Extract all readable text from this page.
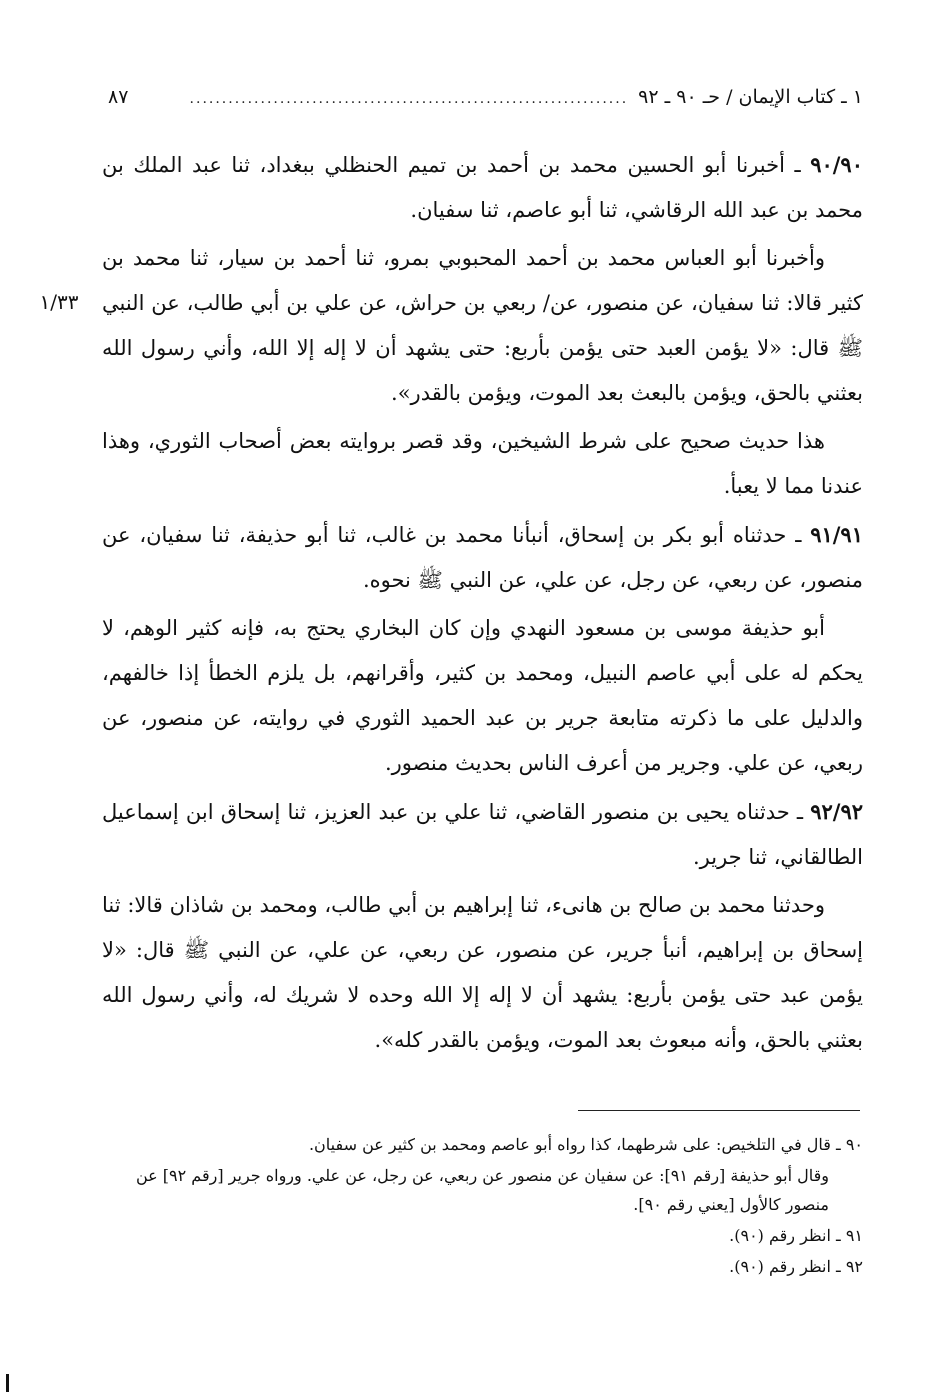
١ ـ كتاب الإيمان / حـ ٩٠ ـ ٩٢
....................................................................
٨٧
١/٣٣

٩٠/٩٠ ـ أخبرنا أبو الحسين محمد بن أحمد بن تميم الحنظلي ببغداد، ثنا عبد الملك بن محمد بن عبد الله الرقاشي، ثنا أبو عاصم، ثنا سفيان.

وأخبرنا أبو العباس محمد بن أحمد المحبوبي بمرو، ثنا أحمد بن سيار، ثنا محمد بن كثير قالا: ثنا سفيان، عن منصور، عن/ ربعي بن حراش، عن علي بن أبي طالب، عن النبي ﷺ قال: «لا يؤمن العبد حتى يؤمن بأربع: حتى يشهد أن لا إله إلا الله، وأني رسول الله بعثني بالحق، ويؤمن بالبعث بعد الموت، ويؤمن بالقدر».

هذا حديث صحيح على شرط الشيخين، وقد قصر بروايته بعض أصحاب الثوري، وهذا عندنا مما لا يعبأ.

٩١/٩١ ـ حدثناه أبو بكر بن إسحاق، أنبأنا محمد بن غالب، ثنا أبو حذيفة، ثنا سفيان، عن منصور، عن ربعي، عن رجل، عن علي، عن النبي ﷺ نحوه.

أبو حذيفة موسى بن مسعود النهدي وإن كان البخاري يحتج به، فإنه كثير الوهم، لا يحكم له على أبي عاصم النبيل، ومحمد بن كثير، وأقرانهم، بل يلزم الخطأ إذا خالفهم، والدليل على ما ذكرته متابعة جرير بن عبد الحميد الثوري في روايته، عن منصور، عن ربعي، عن علي. وجرير من أعرف الناس بحديث منصور.

٩٢/٩٢ ـ حدثناه يحيى بن منصور القاضي، ثنا علي بن عبد العزيز، ثنا إسحاق ابن إسماعيل الطالقاني، ثنا جرير.

وحدثنا محمد بن صالح بن هانىء، ثنا إبراهيم بن أبي طالب، ومحمد بن شاذان قالا: ثنا إسحاق بن إبراهيم، أنبأ جرير، عن منصور، عن ربعي، عن علي، عن النبي ﷺ قال: «لا يؤمن عبد حتى يؤمن بأربع: يشهد أن لا إله إلا الله وحده لا شريك له، وأني رسول الله بعثني بالحق، وأنه مبعوث بعد الموت، ويؤمن بالقدر كله».

٩٠ ـ قال في التلخيص: على شرطهما، كذا رواه أبو عاصم ومحمد بن كثير عن سفيان.

وقال أبو حذيفة [رقم ٩١]: عن سفيان عن منصور عن ربعي، عن رجل، عن علي. ورواه جرير [رقم ٩٢] عن منصور كالأول [يعني رقم ٩٠].

٩١ ـ انظر رقم (٩٠).

٩٢ ـ انظر رقم (٩٠).
